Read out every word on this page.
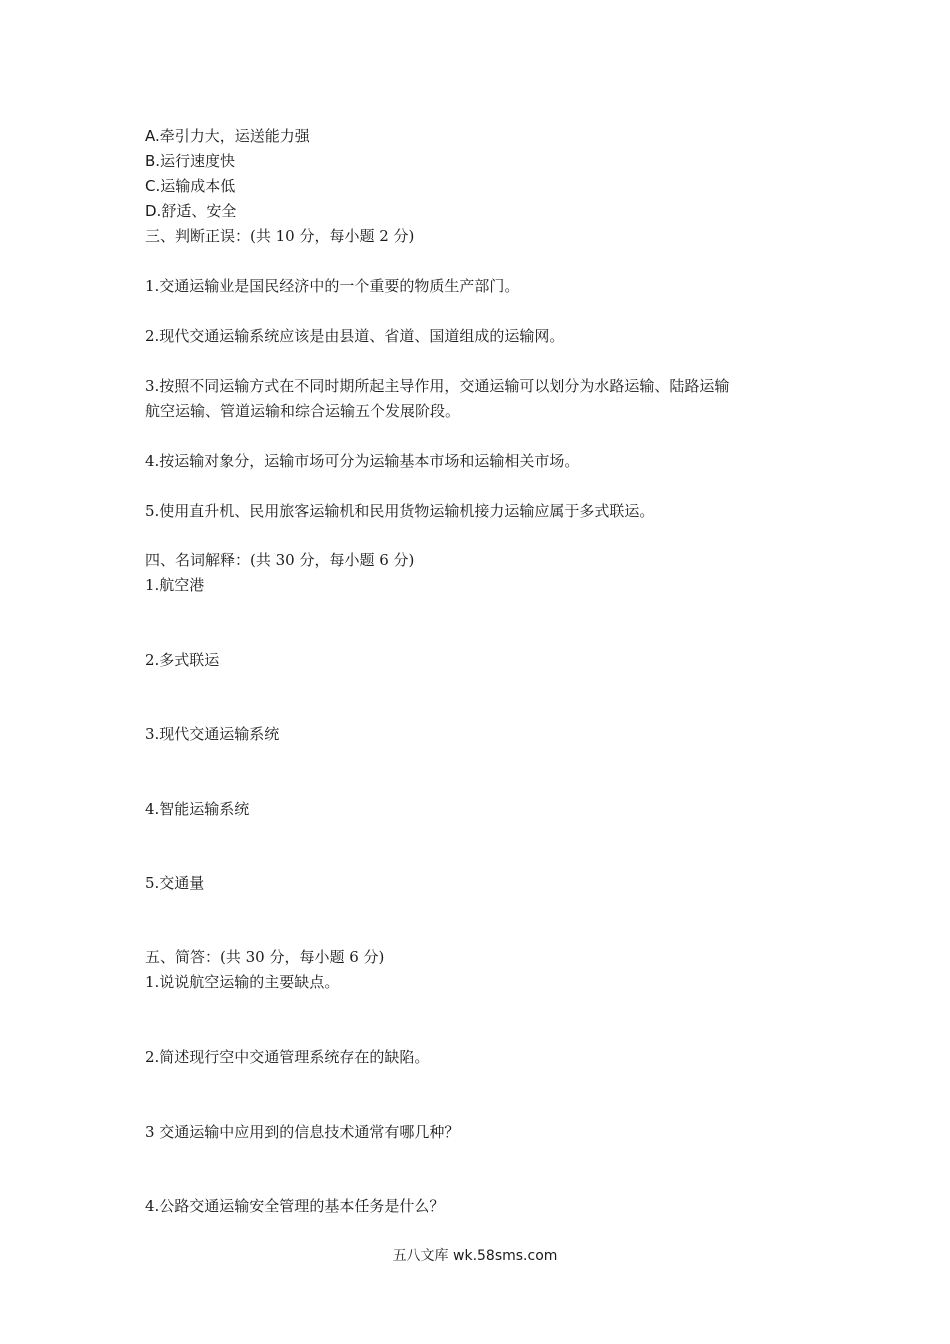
A.牵引力大，运送能力强
B.运行速度快
C.运输成本低
D.舒适、安全
三、判断正误：(共 10 分，每小题 2 分)
1.交通运输业是国民经济中的一个重要的物质生产部门。
2.现代交通运输系统应该是由县道、省道、国道组成的运输网。
3.按照不同运输方式在不同时期所起主导作用，交通运输可以划分为水路运输、陆路运输
航空运输、管道运输和综合运输五个发展阶段。
4.按运输对象分，运输市场可分为运输基本市场和运输相关市场。
5.使用直升机、民用旅客运输机和民用货物运输机接力运输应属于多式联运。
四、名词解释：(共 30 分，每小题 6 分)
1.航空港
2.多式联运
3.现代交通运输系统
4.智能运输系统
5.交通量
五、简答：(共 30 分，每小题 6 分)
1.说说航空运输的主要缺点。
2.简述现行空中交通管理系统存在的缺陷。
3 交通运输中应用到的信息技术通常有哪几种？
4.公路交通运输安全管理的基本任务是什么？
五八文库 wk.58sms.com
